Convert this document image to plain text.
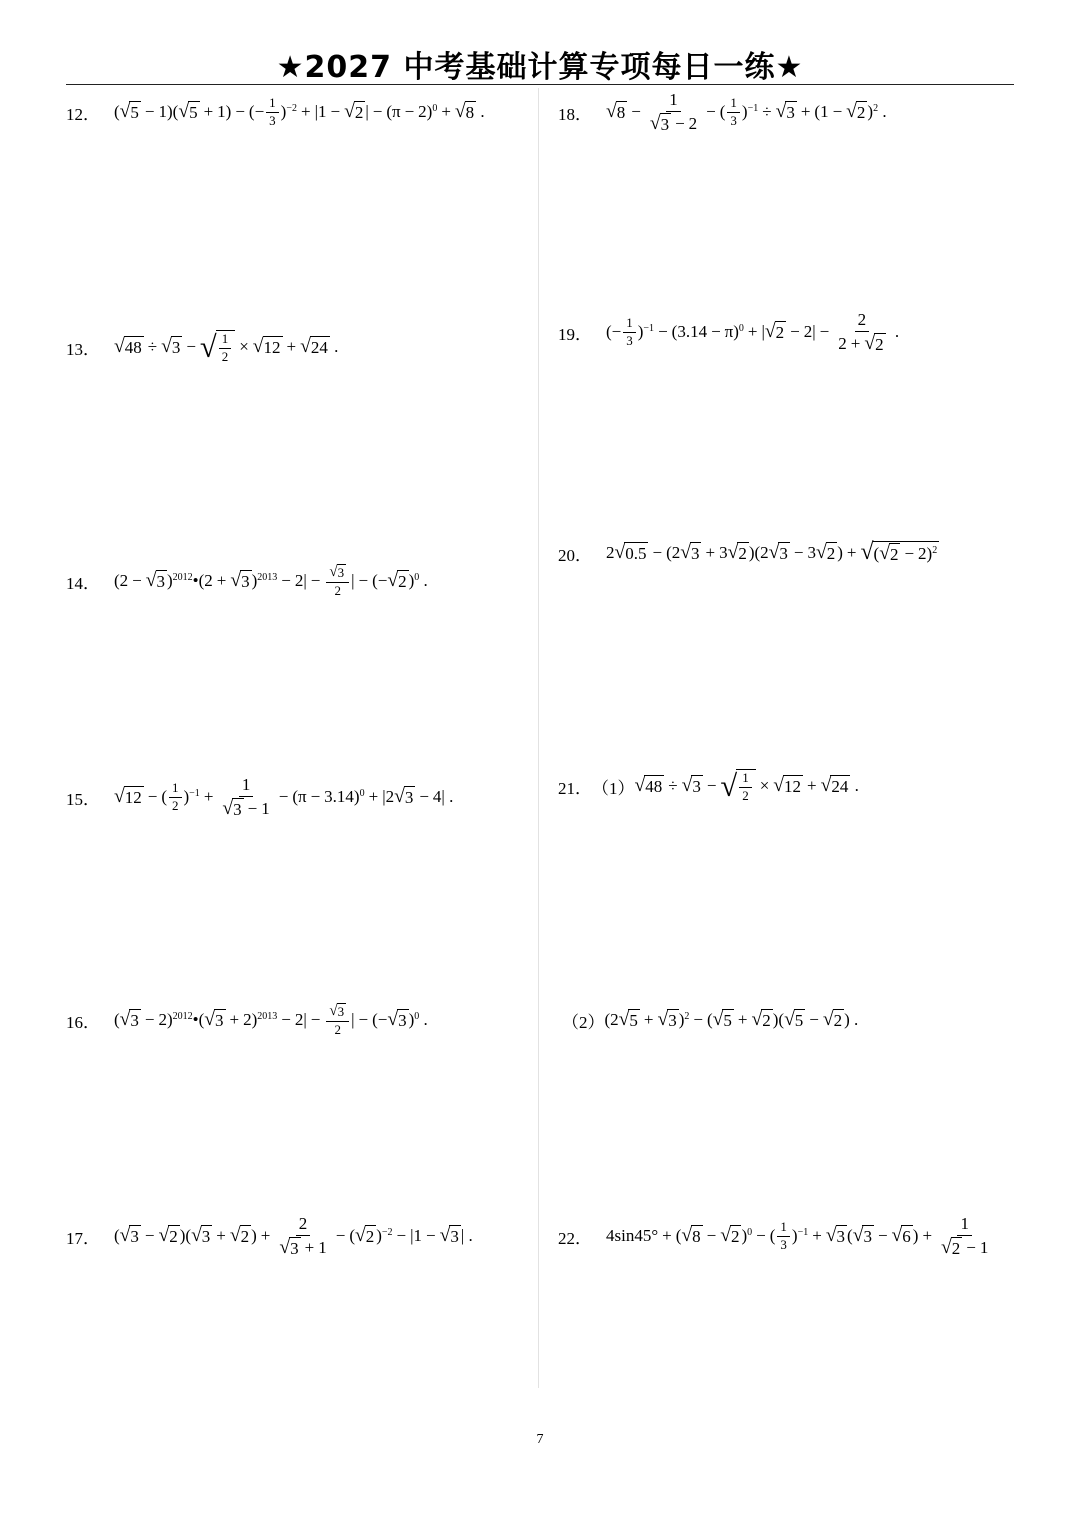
★2027 中考基础计算专项每日一练★
12． ( √ 5 − 1)( √ 5 + 1) − (− $\frac{1}{3} )^{-2} + |1$ − √ 2 | − $(\pi - 2)^0$ + √ 8 .
13． √ 48 ÷ √ 3 − √ $\frac{1}{2}$ × √ 12 + √ 24 .
14． (2 − √ 3 )$^{2012}$ •(2 + √ 3 )$^{2013} - 2| - \frac{√ 3}{2}$ | − (− √ 2 )$^0$ .
15． √ 12 − ( $\frac{1}{2} )^{-1} + \frac{1}{√ 3 - 1} - (\pi - 3.14)^0 + |2$ √ 3 − 4| .
16． ( √ 3 − 2)$^{2012}$ •( √ $3 + 2)^{2013} - 2| - \frac{√ 3}{2}$ | − (− √ 3 )$^0$ .
17． ( √ 3 − √ 2 )( √ 3 + √ 2 ) + $\frac{2}{√ 3 + 1}$ − ( √ 2 )$^{-2}$ − |1 − √ 3 | .
18． √ $8 - \frac{1}{√ 3 - 2}$ − ( $\frac{1}{3} )^{-1}$ ÷ √ 3 + (1 − √ 2 )$^2$ .
19． (− $\frac{1}{3} )^{-1} - (3.14 - \pi)^0$ + | √ $2 - 2| - \frac{2}{2 + √ 2}$ .
20． 2 √ 0.5 − (2 √ 3 + 3 √ 2 )(2 √ 3 − 3 √ 2 ) + √ ( √ 2 − 2)$^2$
21． （1） √ 48 ÷ √ 3 − √ $\frac{1}{2}$ × √ 12 + √ 24 .
（2） (2 √ 5 + √ 3 )$^2$ − ( √ 5 + √ 2 )( √ 5 − √ 2 ) .
22． 4sin45° + ( √ 8 − √ 2 )$^0$ − ( $\frac{1}{3} )^{-1}$ + √ 3 ( √ 3 − √ 6 ) + $\frac{1}{√ 2 - 1}$
7
